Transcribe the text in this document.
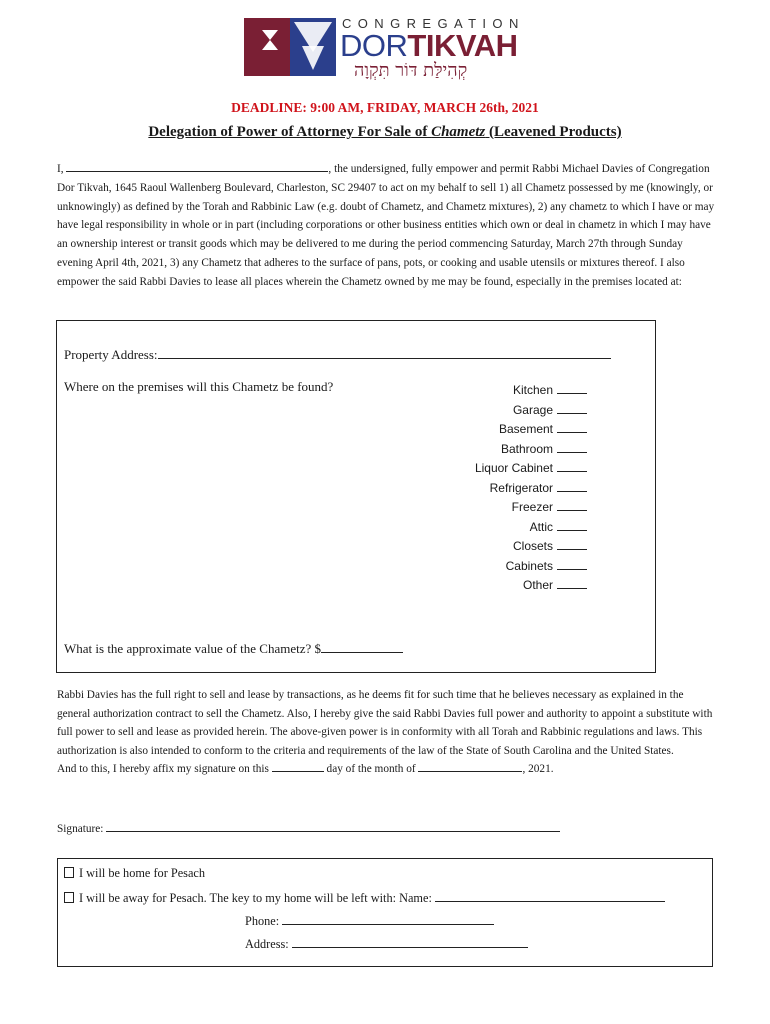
CONGREGATION
DORTIKVAH
קְהִילַּת דּוֹר תִּקְוָה
DEADLINE: 9:00 AM, FRIDAY, MARCH 26th, 2021
Delegation of Power of Attorney For Sale of Chametz (Leavened Products)
I,	, the undersigned, fully empower and permit Rabbi Michael Davies of Congregation Dor Tikvah, 1645 Raoul Wallenberg Boulevard, Charleston, SC 29407 to act on my behalf to sell 1) all Chametz possessed by me (knowingly, or unknowingly) as defined by the Torah and Rabbinic Law (e.g. doubt of Chametz, and Chametz mixtures), 2) any chametz to which I have or may have legal responsibility in whole or in part (including corporations or other business entities which own or deal in chametz in which I may have an ownership interest or transit goods which may be delivered to me during the period commencing Saturday, March 27th through Sunday evening April 4th, 2021, 3) any Chametz that adheres to the surface of pans, pots, or cooking and usable utensils or mixtures thereof. I also empower the said Rabbi Davies to lease all places wherein the Chametz owned by me may be found, especially in the premises located at:
Property Address:
Where on the premises will this Chametz be found?	Kitchen
Garage
Basement
Bathroom
Liquor Cabinet
Refrigerator
Freezer
Attic
Closets
Cabinets
Other
What is the approximate value of the Chametz? $
Rabbi Davies has the full right to sell and lease by transactions, as he deems fit for such time that he believes necessary as explained in the general authorization contract to sell the Chametz. Also, I hereby give the said Rabbi Davies full power and authority to appoint a substitute with full power to sell and lease as provided herein. The above-given power is in conformity with all Torah and Rabbinic regulations and laws. This authorization is also intended to conform to the criteria and requirements of the law of the State of South Carolina and the United States.
And to this, I hereby affix my signature on this	day of the month of	, 2021.
Signature:
I will be home for Pesach
I will be away for Pesach. The key to my home will be left with: Name:
Phone:
Address:
